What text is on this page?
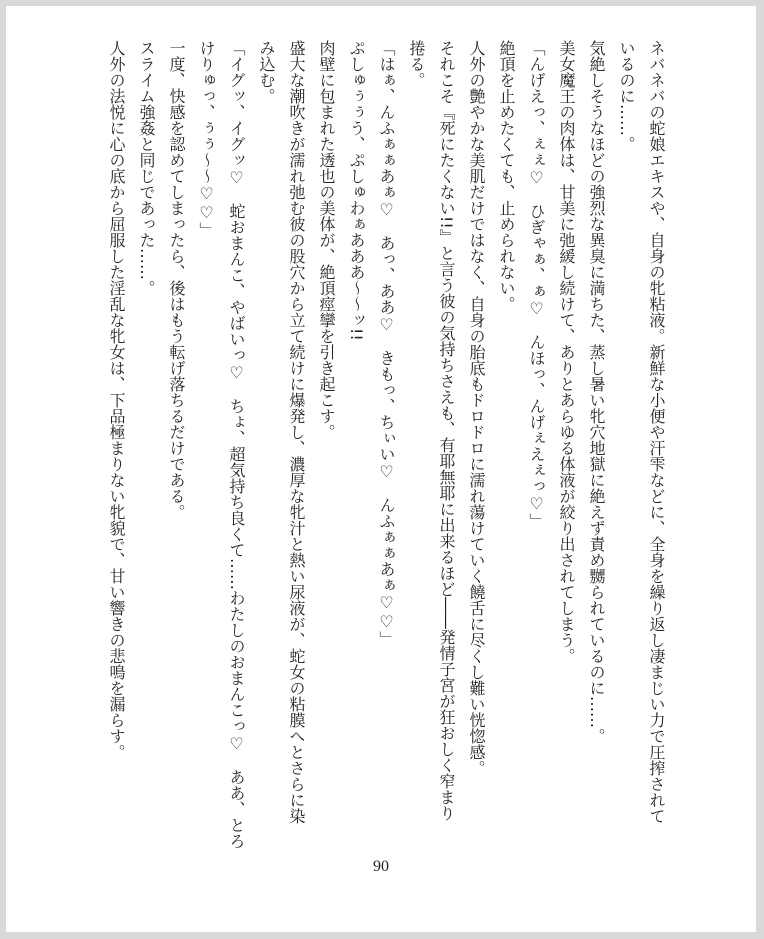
ネバネバの蛇娘エキスや、自身の牝粘液。新鮮な小便や汗雫などに、全身を繰り返し凄まじい力で圧搾されて
いるのに……。
気絶しそうなほどの強烈な異臭に満ちた、蒸し暑い牝穴地獄に絶えず責め嬲られているのに……。
美女魔王の肉体は、甘美に弛緩し続けて、ありとあらゆる体液が絞り出されてしまう。
「んげえっ、ぇぇ♡　ひぎゃぁ、ぁ♡　んほっ、んげぇえぇっ♡」
絶頂を止めたくても、止められない。
人外の艶やかな美肌だけではなく、自身の胎底もドロドロに濡れ蕩けていく饒舌に尽くし難い恍惚感。
それこそ『死にたくない!!』と言う彼の気持ちさえも、有耶無耶に出来るほど――発情子宮が狂おしく窄まり
捲る。
「はぁ、んふぁぁあぁ♡　あっ、ああ♡　きもっ、ちぃい♡　んふぁぁあぁ♡♡」
ぷしゅぅぅう、ぷしゅわぁあああ～～ッ!!
肉壁に包まれた透也の美体が、絶頂痙攣を引き起こす。
盛大な潮吹きが濡れ弛む彼の股穴から立て続けに爆発し、濃厚な牝汁と熱い尿液が、蛇女の粘膜へとさらに染
み込む。
「イグッ、イグッ♡　蛇おまんこ、やばいっ♡　ちょ、超気持ち良くて……わたしのおまんこっ♡　ああ、とろ
けりゅっ、ぅぅ～～♡♡」
一度、快感を認めてしまったら、後はもう転げ落ちるだけである。
スライム強姦と同じであった……。
人外の法悦に心の底から屈服した淫乱な牝女は、下品極まりない牝貌で、甘い響きの悲鳴を漏らす。
90
